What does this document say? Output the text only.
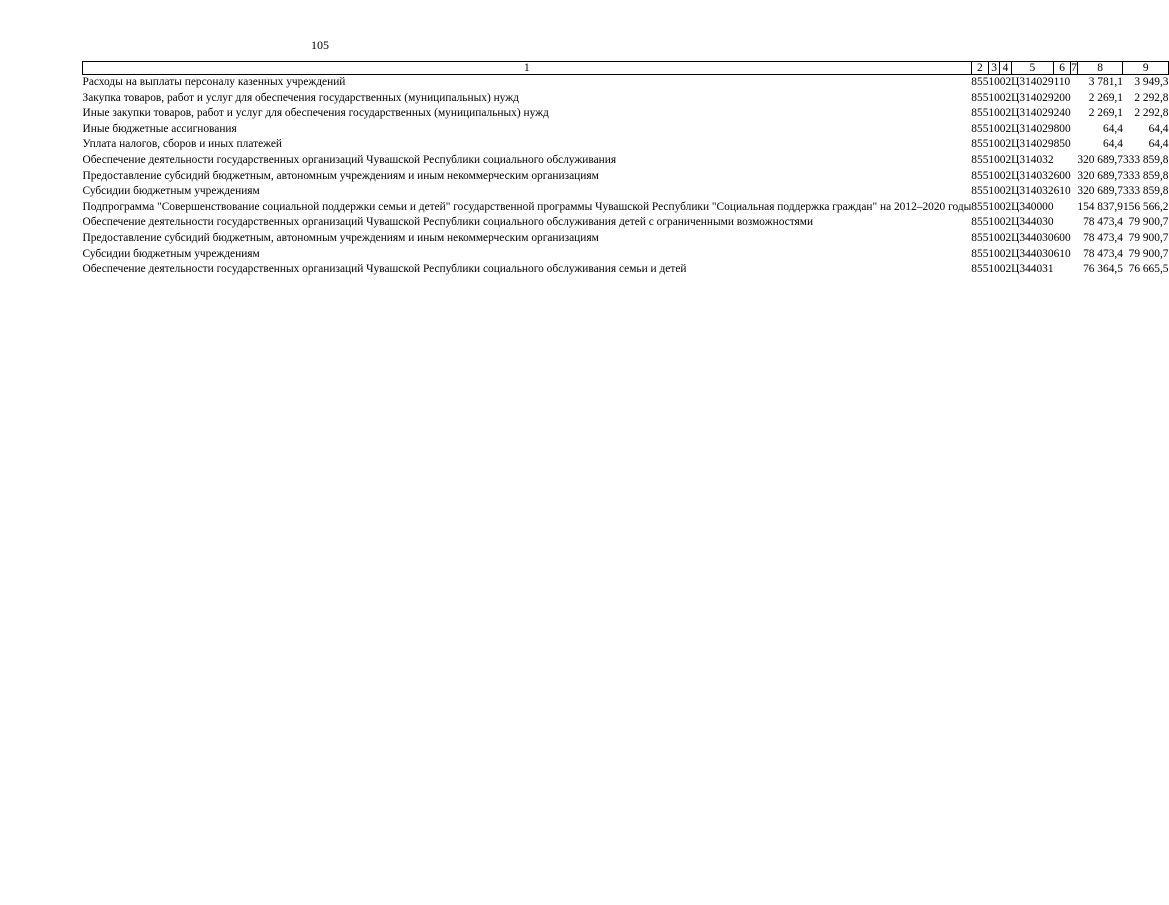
105
1	2	3	4	5	6	7	8	9
Расходы на выплаты персоналу казенных учреждений	855	10	02	Ц314029	110		3 781,1	3 949,3
Закупка товаров, работ и услуг для обеспечения государственных (муниципальных) нужд	855	10	02	Ц314029	200		2 269,1	2 292,8
Иные закупки товаров, работ и услуг для обеспечения государственных (муниципальных) нужд	855	10	02	Ц314029	240		2 269,1	2 292,8
Иные бюджетные ассигнования	855	10	02	Ц314029	800		64,4	64,4
Уплата налогов, сборов и иных платежей	855	10	02	Ц314029	850		64,4	64,4
Обеспечение деятельности государственных организаций Чувашской Республики социального обслуживания	855	10	02	Ц314032			320 689,7	333 859,8
Предоставление субсидий бюджетным, автономным учреждениям и иным некоммерческим организациям	855	10	02	Ц314032	600		320 689,7	333 859,8
Субсидии бюджетным учреждениям	855	10	02	Ц314032	610		320 689,7	333 859,8
Подпрограмма "Совершенствование социальной поддержки семьи и детей" государственной программы Чувашской Республики "Социальная поддержка граждан" на 2012–2020 годы	855	10	02	Ц340000			154 837,9	156 566,2
Обеспечение деятельности государственных организаций Чувашской Республики социального обслуживания детей с ограниченными возможностями	855	10	02	Ц344030			78 473,4	79 900,7
Предоставление субсидий бюджетным, автономным учреждениям и иным некоммерческим организациям	855	10	02	Ц344030	600		78 473,4	79 900,7
Субсидии бюджетным учреждениям	855	10	02	Ц344030	610		78 473,4	79 900,7
Обеспечение деятельности государственных организаций Чувашской Республики социального обслуживания семьи и детей	855	10	02	Ц344031			76 364,5	76 665,5
